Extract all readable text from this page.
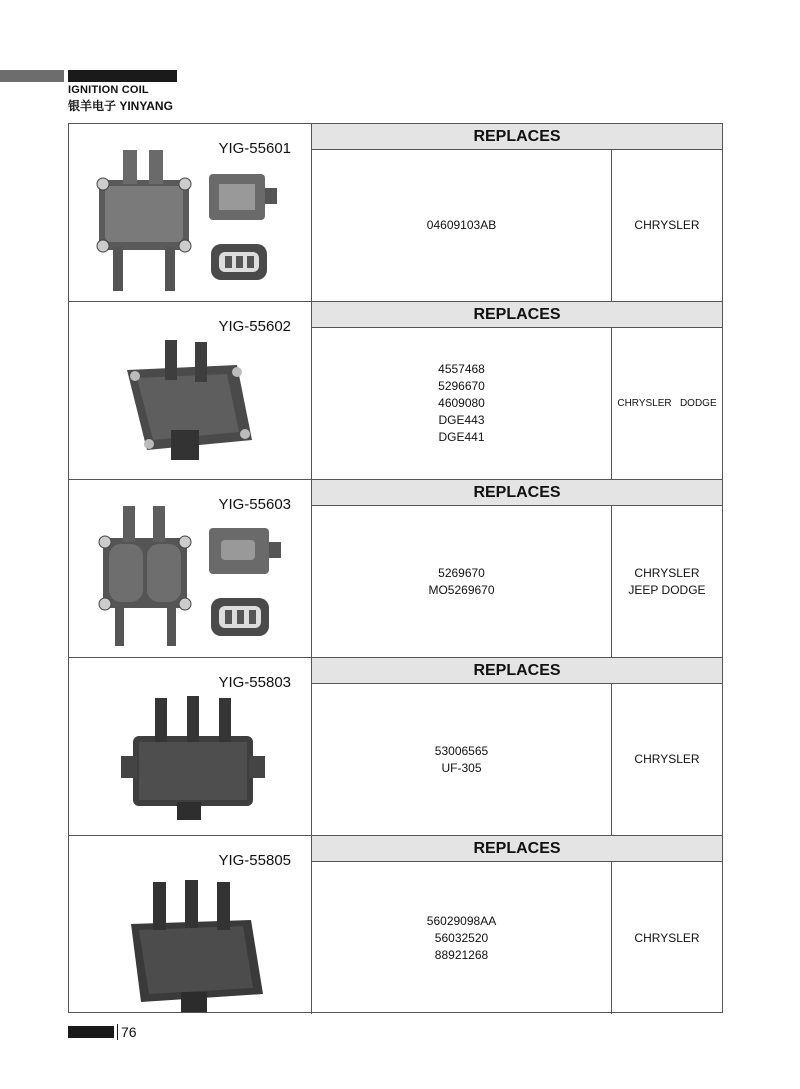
IGNITION COIL
银羊电子 YINYANG
YIG-55601
REPLACES
04609103AB	CHRYSLER
YIG-55602
REPLACES
4557468
5296670
4609080
DGE443
DGE441
CHRYSLER   DODGE
YIG-55603
REPLACES
5269670
MO5269670
CHRYSLER
JEEP DODGE
YIG-55803
REPLACES
53006565
UF-305
CHRYSLER
YIG-55805
REPLACES
56029098AA
56032520
88921268
CHRYSLER
76
